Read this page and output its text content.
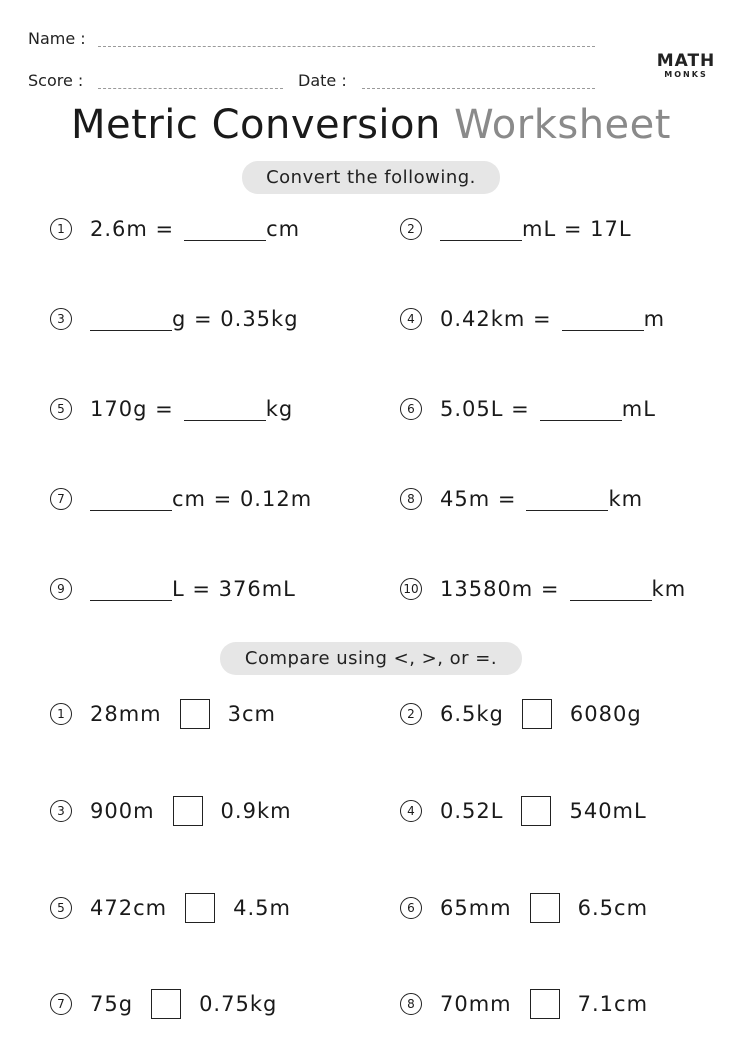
Name :
Score :	Date :
MATH
MONKS
Metric Conversion Worksheet
Convert the following.
1	2.6m =	cm	2	mL = 17L
3	g = 0.35kg	4	0.42km =	m
5	170g =	kg	6	5.05L =	mL
7	cm = 0.12m	8	45m =	km
9	L = 376mL	10 13580m =	km
Compare using <, >, or =.
1	28mm	3cm	2	6.5kg	6080g
3	900m	0.9km	4	0.52L	540mL
5	472cm	4.5m	6	65mm	6.5cm
7	75g	0.75kg	8	70mm	7.1cm
